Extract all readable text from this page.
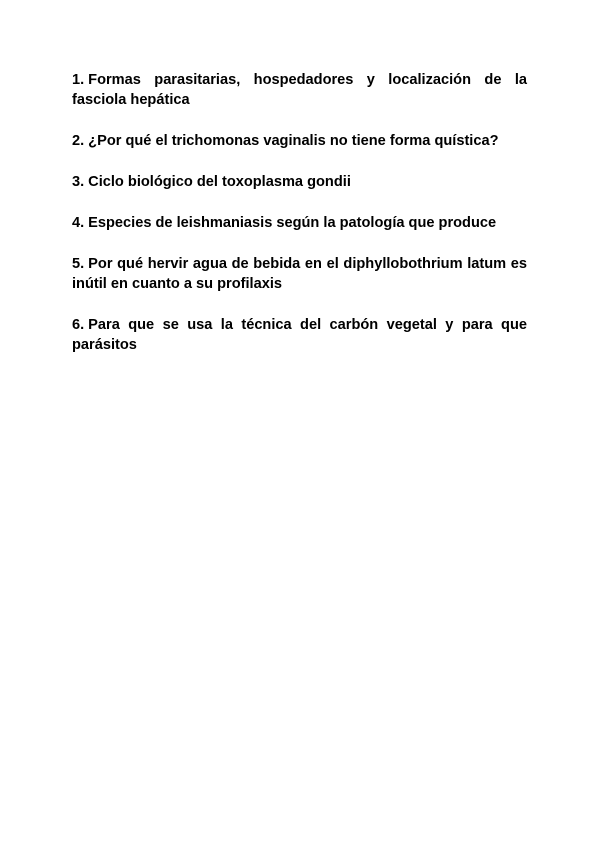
1. Formas parasitarias, hospedadores y localización de la fasciola hepática
2. ¿Por qué el trichomonas vaginalis no tiene forma quística?
3. Ciclo biológico del toxoplasma gondii
4. Especies de leishmaniasis según la patología que produce
5. Por qué hervir agua de bebida en el diphyllobothrium latum es inútil en cuanto a su profilaxis
6. Para que se usa la técnica del carbón vegetal y para que parásitos
